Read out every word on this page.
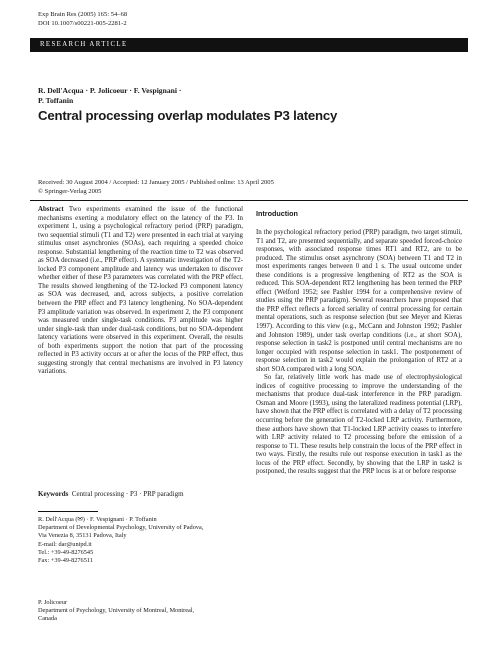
Exp Brain Res (2005) 165: 54–68
DOI 10.1007/s00221-005-2281-2
RESEARCH ARTICLE
R. Dell'Acqua · P. Jolicoeur · F. Vespignani ·
P. Toffanin
Central processing overlap modulates P3 latency
Received: 30 August 2004 / Accepted: 12 January 2005 / Published online: 13 April 2005
© Springer-Verlag 2005
Abstract Two experiments examined the issue of the functional mechanisms exerting a modulatory effect on the latency of the P3. In experiment 1, using a psychological refractory period (PRP) paradigm, two sequential stimuli (T1 and T2) were presented in each trial at varying stimulus onset asynchronies (SOAs), each requiring a speeded choice response. Substantial lengthening of the reaction time to T2 was observed as SOA decreased (i.e., PRP effect). A systematic investigation of the T2-locked P3 component amplitude and latency was undertaken to discover whether either of these P3 parameters was correlated with the PRP effect. The results showed lengthening of the T2-locked P3 component latency as SOA was decreased, and, across subjects, a positive correlation between the PRP effect and P3 latency lengthening. No SOA-dependent P3 amplitude variation was observed. In experiment 2, the P3 component was measured under single-task conditions. P3 amplitude was higher under single-task than under dual-task conditions, but no SOA-dependent latency variations were observed in this experiment. Overall, the results of both experiments support the notion that part of the processing reflected in P3 activity occurs at or after the locus of the PRP effect, thus suggesting strongly that central mechanisms are involved in P3 latency variations.
Keywords Central processing · P3 · PRP paradigm
R. Dell'Acqua (✉) · F. Vespignani · P. Toffanin
Department of Developmental Psychology, University of Padova,
Via Venezia 8, 35131 Padova, Italy
E-mail: dar@unipd.it
Tel.: +39-49-8276545
Fax: +39-49-8276511
P. Jolicoeur
Department of Psychology, University of Montreal, Montreal,
Canada
Introduction
In the psychological refractory period (PRP) paradigm, two target stimuli, T1 and T2, are presented sequentially, and separate speeded forced-choice responses, with associated response times RT1 and RT2, are to be produced. The stimulus onset asynchrony (SOA) between T1 and T2 in most experiments ranges between 0 and 1 s. The usual outcome under these conditions is a progressive lengthening of RT2 as the SOA is reduced. This SOA-dependent RT2 lengthening has been termed the PRP effect (Welford 1952; see Pashler 1994 for a comprehensive review of studies using the PRP paradigm). Several researchers have proposed that the PRP effect reflects a forced seriality of central processing for certain mental operations, such as response selection (but see Meyer and Kieras 1997). According to this view (e.g., McCann and Johnston 1992; Pashler and Johnston 1989), under task overlap conditions (i.e., at short SOA), response selection in task2 is postponed until central mechanisms are no longer occupied with response selection in task1. The postponement of response selection in task2 would explain the prolongation of RT2 at a short SOA compared with a long SOA.
So far, relatively little work has made use of electrophysiological indices of cognitive processing to improve the understanding of the mechanisms that produce dual-task interference in the PRP paradigm. Osman and Moore (1993), using the lateralized readiness potential (LRP), have shown that the PRP effect is correlated with a delay of T2 processing occurring before the generation of T2-locked LRP activity. Furthermore, these authors have shown that T1-locked LRP activity ceases to interfere with LRP activity related to T2 processing before the emission of a response to T1. These results help constrain the locus of the PRP effect in two ways. Firstly, the results rule out response execution in task1 as the locus of the PRP effect. Secondly, by showing that the LRP in task2 is postponed, the results suggest that the PRP locus is at or before response
